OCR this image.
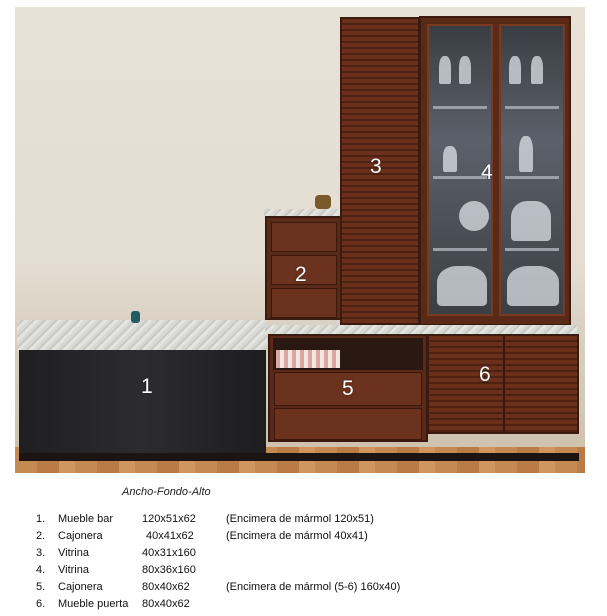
1
2
3	4
5
6
Ancho-Fondo-Alto
1. Mueble bar	120x51x62	(Encimera de mármol 120x51)
2. Cajonera	40x41x62	(Encimera de mármol 40x41)
3. Vitrina	40x31x160
4. Vitrina	80x36x160
5. Cajonera	80x40x62	(Encimera de mármol (5-6) 160x40)
6. Mueble puerta 80x40x62
